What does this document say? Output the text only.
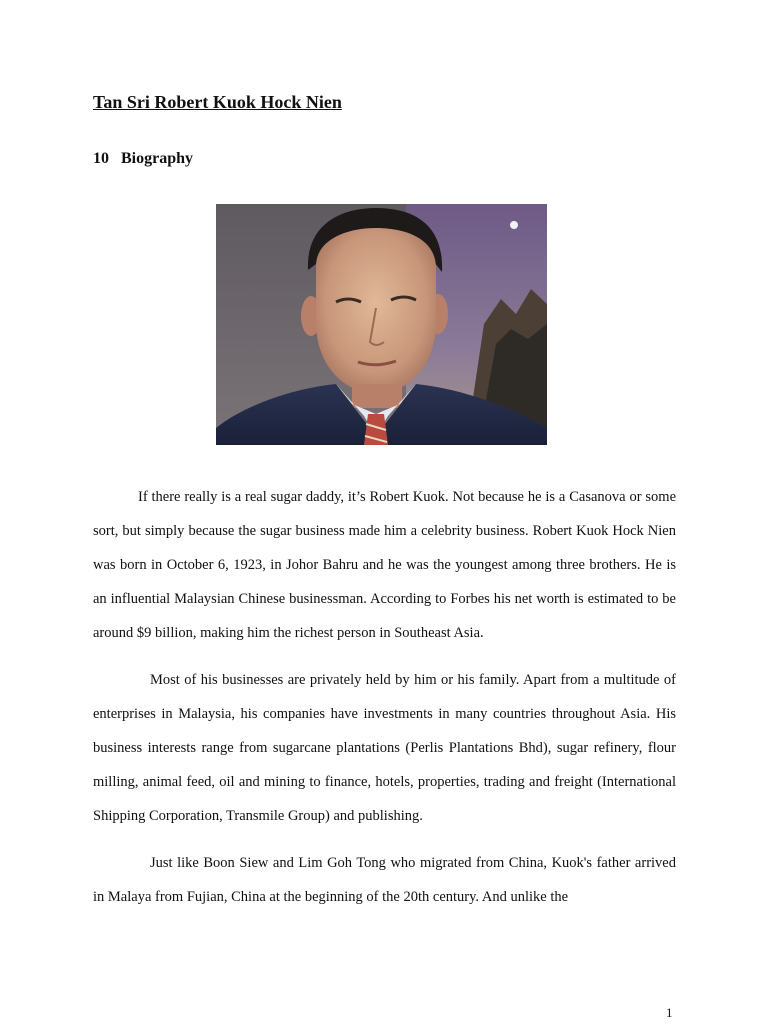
Tan Sri Robert Kuok Hock Nien
10 Biography

If there really is a real sugar daddy, it’s Robert Kuok. Not because he is a Casanova or some sort, but simply because the sugar business made him a celebrity business. Robert Kuok Hock Nien was born in October 6, 1923, in Johor Bahru and he was the youngest among three brothers. He is an influential Malaysian Chinese businessman. According to Forbes his net worth is estimated to be around $9 billion, making him the richest person in Southeast Asia.

Most of his businesses are privately held by him or his family. Apart from a multitude of enterprises in Malaysia, his companies have investments in many countries throughout Asia. His business interests range from sugarcane plantations (Perlis Plantations Bhd), sugar refinery, flour milling, animal feed, oil and mining to finance, hotels, properties, trading and freight (International Shipping Corporation, Transmile Group) and publishing.

Just like Boon Siew and Lim Goh Tong who migrated from China, Kuok's father arrived in Malaya from Fujian, China at the beginning of the 20th century. And unlike the

1
